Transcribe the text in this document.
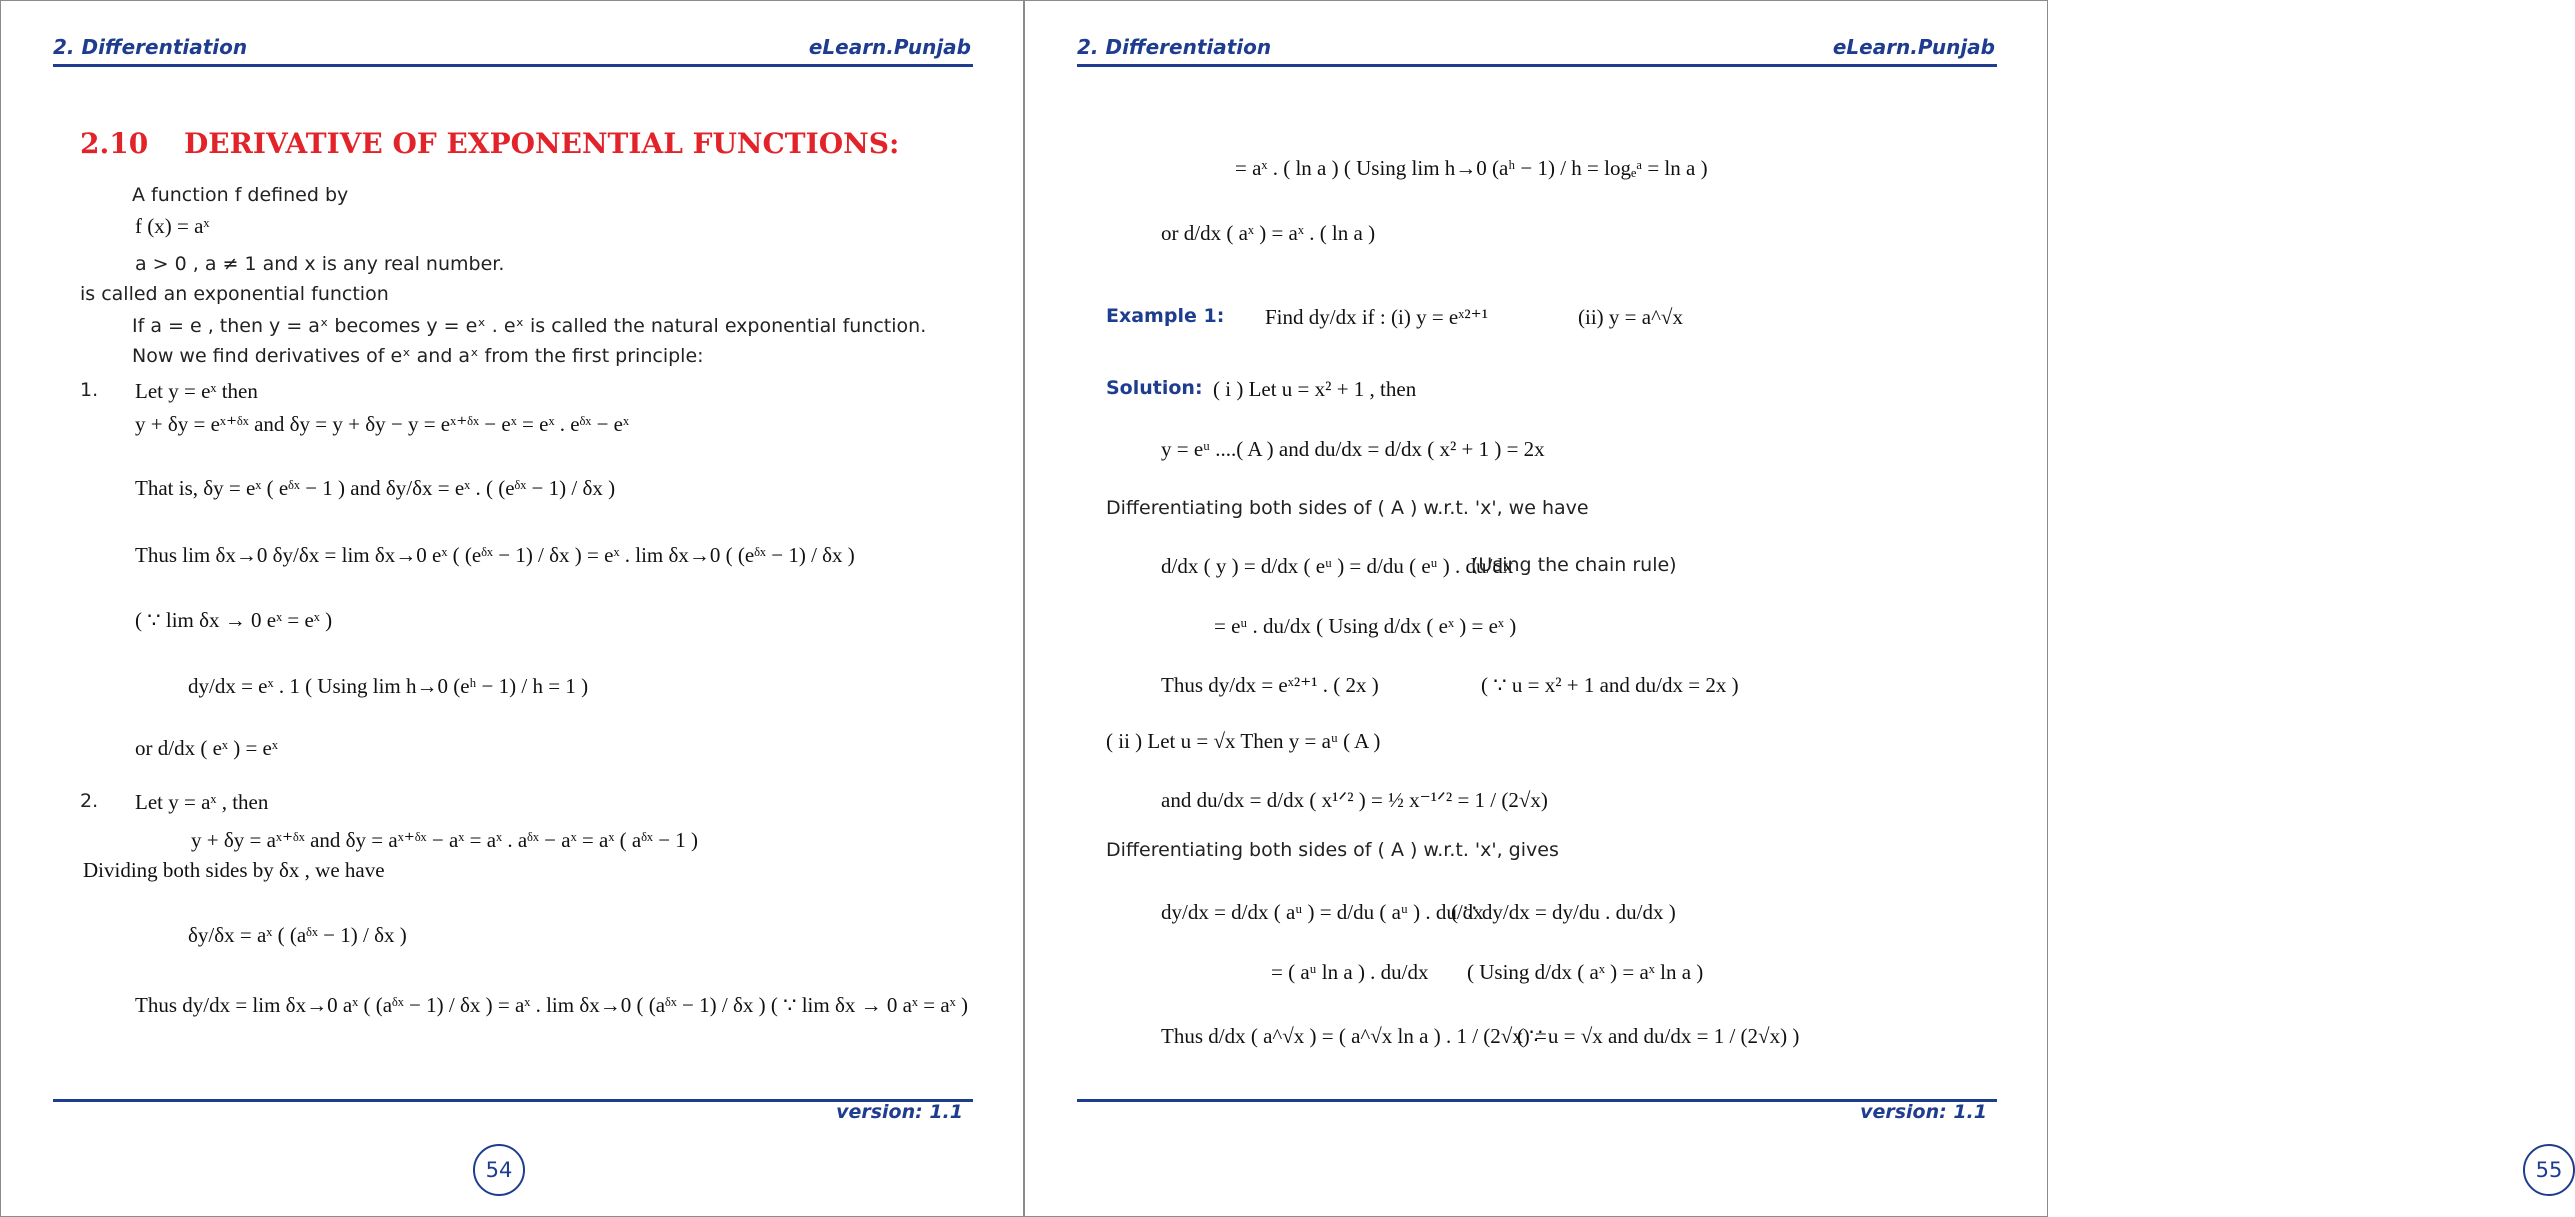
2. Differentiation	eLearn.Punjab
2.10 DERIVATIVE OF EXPONENTIAL FUNCTIONS:
A function f defined by
f (x) = aˣ
a > 0 , a ≠ 1 and x is any real number.
is called an exponential function
If a = e , then y = aˣ becomes y = eˣ . eˣ is called the natural exponential function.
Now we find derivatives of eˣ and aˣ from the first principle:
1. Let y = eˣ then
y + δy = eˣ⁺ᵟˣ and δy = y + δy − y = eˣ⁺ᵟˣ − eˣ = eˣ . eᵟˣ − eˣ
That is, δy = eˣ ( eᵟˣ − 1 ) and δy/δx = eˣ . ( (eᵟˣ − 1) / δx )
Thus lim δx→0 δy/δx = lim δx→0 eˣ ( (eᵟˣ − 1) / δx ) = eˣ . lim δx→0 ( (eᵟˣ − 1) / δx )
( ∵ lim δx → 0 eˣ = eˣ )
dy/dx = eˣ . 1 ( Using lim h→0 (eʰ − 1) / h = 1 )
or d/dx ( eˣ ) = eˣ
2. Let y = aˣ , then
y + δy = aˣ⁺ᵟˣ and δy = aˣ⁺ᵟˣ − aˣ = aˣ . aᵟˣ − aˣ = aˣ ( aᵟˣ − 1 )
Dividing both sides by δx , we have
δy/δx = aˣ ( (aᵟˣ − 1) / δx )
Thus dy/dx = lim δx→0 aˣ ( (aᵟˣ − 1) / δx ) = aˣ . lim δx→0 ( (aᵟˣ − 1) / δx ) ( ∵ lim δx → 0 aˣ = aˣ )
version: 1.1
54
2. Differentiation	eLearn.Punjab
= aˣ . ( ln a ) ( Using lim h→0 (aʰ − 1) / h = logₑᵃ = ln a )
or d/dx ( aˣ ) = aˣ . ( ln a )
Example 1: Find dy/dx if : (i) y = eˣ²⁺¹	(ii) y = a^√x
Solution: ( i ) Let u = x² + 1 , then
y = eᵘ ....( A ) and du/dx = d/dx ( x² + 1 ) = 2x
Differentiating both sides of ( A ) w.r.t. 'x', we have
d/dx ( y ) = d/dx ( eᵘ ) = d/du ( eᵘ ) . du/dx
(Using the chain rule)
= eᵘ . du/dx ( Using d/dx ( eˣ ) = eˣ )
Thus dy/dx = eˣ²⁺¹ . ( 2x )	( ∵ u = x² + 1 and du/dx = 2x )
( ii ) Let u = √x Then y = aᵘ ( A )
and du/dx = d/dx ( x¹ᐟ² ) = ½ x⁻¹ᐟ² = 1 / (2√x)
Differentiating both sides of ( A ) w.r.t. 'x', gives
dy/dx = d/dx ( aᵘ ) = d/du ( aᵘ ) . du/dx
( ∵ dy/dx = dy/du . du/dx )
= ( aᵘ ln a ) . du/dx ( Using d/dx ( aˣ ) = aˣ ln a )
Thus d/dx ( a^√x ) = ( a^√x ln a ) . 1 / (2√x) =
( ∵ u = √x and du/dx = 1 / (2√x) )
version: 1.1
55
